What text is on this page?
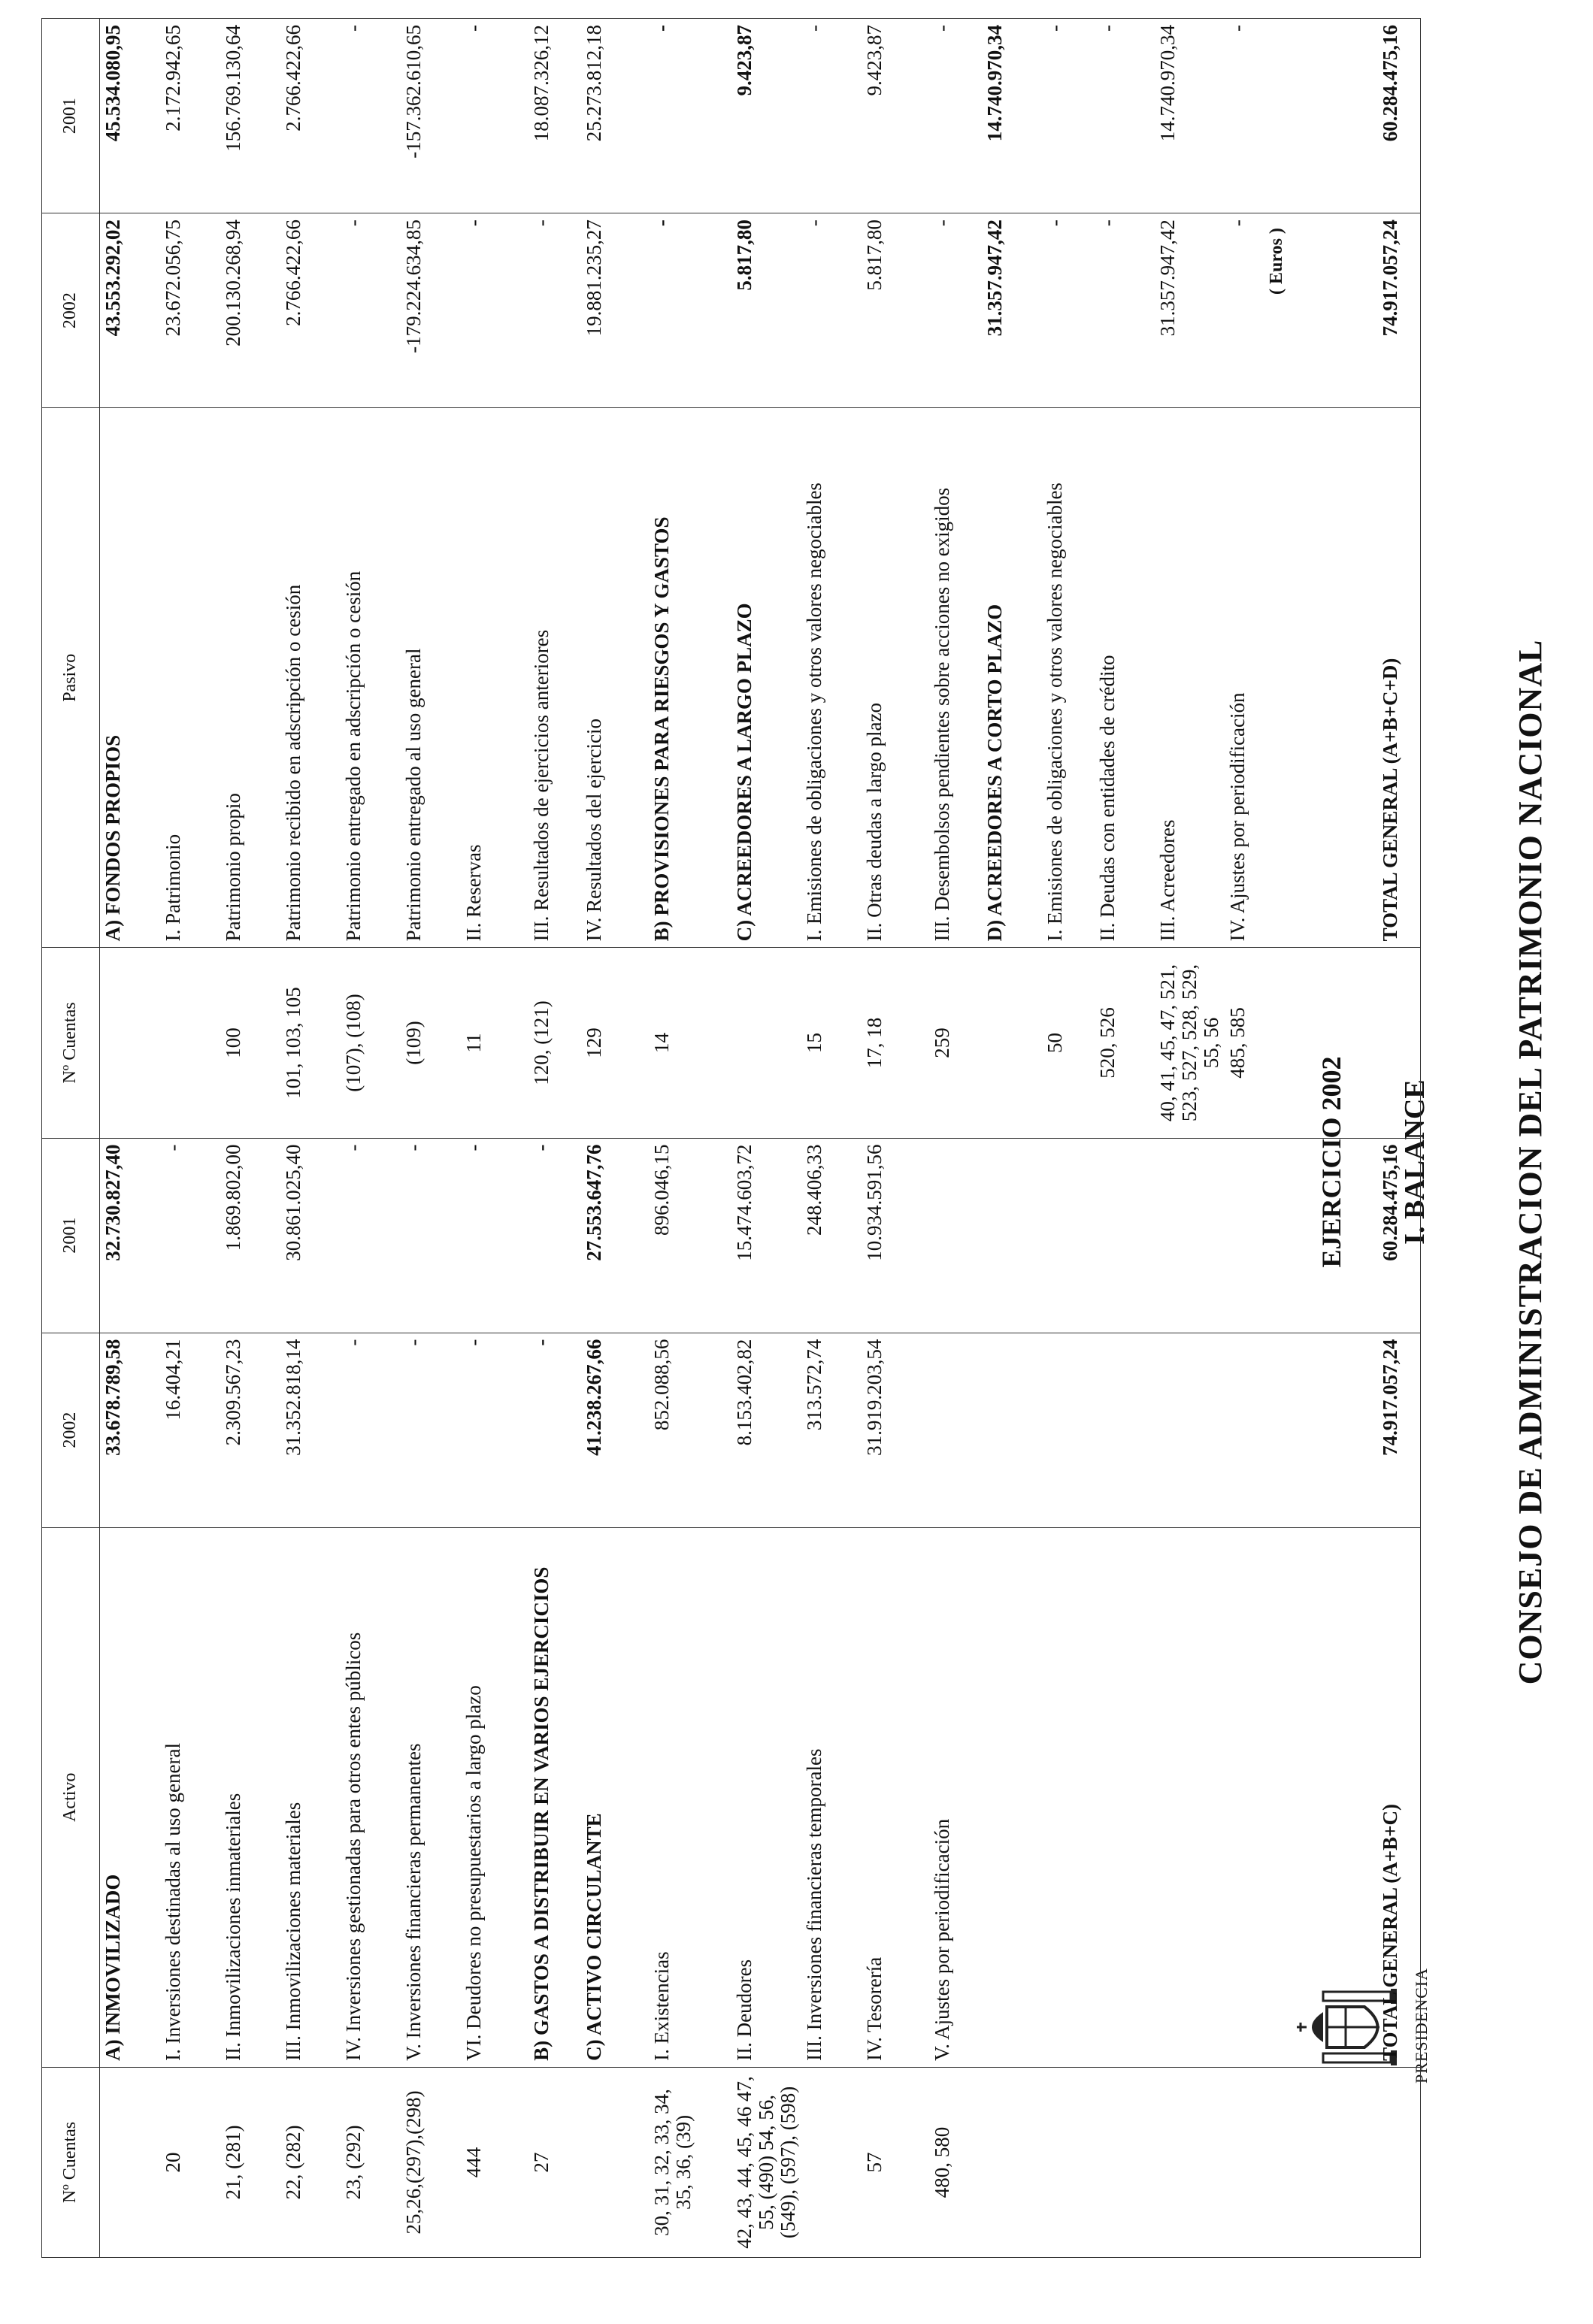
PRESIDENCIA
CONSEJO DE ADMINISTRACION DEL PATRIMONIO NACIONAL
I. BALANCE
EJERCICIO 2002
( Euros )
Nº Cuentas	Activo	2002	2001	Nº Cuentas	Pasivo	2002	2001
	A) INMOVILIZADO	33.678.789,58	32.730.827,40		A) FONDOS PROPIOS	43.553.292,02	45.534.080,95
20	I. Inversiones destinadas al uso general	16.404,21	-		I. Patrimonio	23.672.056,75	2.172.942,65
21, (281)	II. Inmovilizaciones inmateriales	2.309.567,23	1.869.802,00	100	Patrimonio propio	200.130.268,94	156.769.130,64
22, (282)	III. Inmovilizaciones materiales	31.352.818,14	30.861.025,40	101, 103, 105	Patrimonio recibido en adscripción o cesión	2.766.422,66	2.766.422,66
23, (292)	IV. Inversiones gestionadas para otros entes públicos	-	-	(107), (108)	Patrimonio entregado en adscripción o cesión	-	-
25,26,(297),(298)	V. Inversiones financieras permanentes	-	-	(109)	Patrimonio entregado al uso general	-179.224.634,85	-157.362.610,65
444	VI. Deudores no presupuestarios a largo plazo	-	-	11	II. Reservas	-	-
27	B) GASTOS A DISTRIBUIR EN VARIOS EJERCICIOS	-	-	120, (121)	III. Resultados de ejercicios anteriores	-	18.087.326,12
	C) ACTIVO CIRCULANTE	41.238.267,66	27.553.647,76	129	IV. Resultados del ejercicio	19.881.235,27	25.273.812,18
30, 31, 32, 33, 34, 35, 36, (39)	I. Existencias	852.088,56	896.046,15	14	B) PROVISIONES PARA RIESGOS Y GASTOS	-	-
42, 43, 44, 45, 46 47, 55, (490) 54, 56, (549), (597), (598)	II. Deudores	8.153.402,82	15.474.603,72		C) ACREEDORES A LARGO PLAZO	5.817,80	9.423,87
	III. Inversiones financieras temporales	313.572,74	248.406,33	15	I. Emisiones de obligaciones y otros valores negociables	-	-
57	IV. Tesorería	31.919.203,54	10.934.591,56	17, 18	II. Otras deudas a largo plazo	5.817,80	9.423,87
480, 580	V. Ajustes por periodificación			259	III. Desembolsos pendientes sobre acciones no exigidos	-	-
					D) ACREEDORES A CORTO PLAZO	31.357.947,42	14.740.970,34
				50	I. Emisiones de obligaciones y otros valores negociables	-	-
				520, 526	II. Deudas con entidades de crédito	-	-
				40, 41, 45, 47, 521, 523, 527, 528, 529, 55, 56	III. Acreedores	31.357.947,42	14.740.970,34
				485, 585	IV. Ajustes por periodificación	-	-
	TOTAL GENERAL (A+B+C)	74.917.057,24	60.284.475,16		TOTAL GENERAL (A+B+C+D)	74.917.057,24	60.284.475,16
